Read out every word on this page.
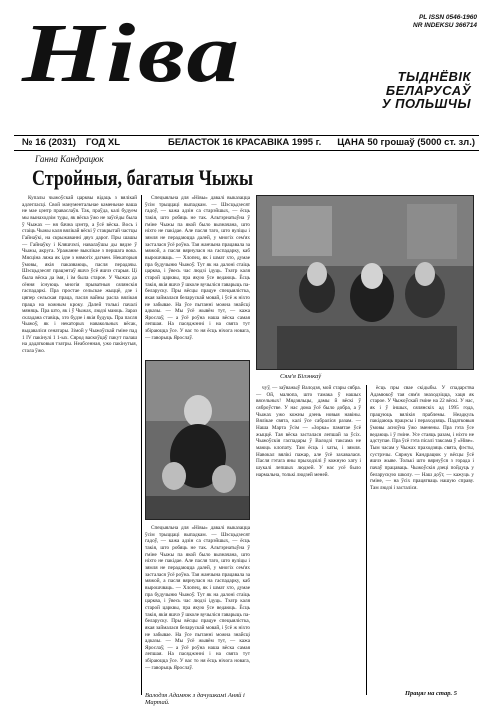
Ніва	PL ISSN 0546-1960
NR INDEKSU 366714
ТЫДНЁВІК
БЕЛАРУСАЎ
У ПОЛЬШЧЫ
№ 16 (2031) ГОД XL	БЕЛАСТОК 16 КРАСАВІКА 1995 г. ЦАНА 50 грошаў (5000 ст. зл.)
Ганна Кандрацюк
Стройныя, багатыя Чыжы

Купалы чыжоўскай царквы відаць з вялікай адлегласці. Свой манументальнае каменьнае ваша не мае цэнтр праваслаўя. Так, праўда, калі будуем мы вынаходзім туды, як вёска ўжо не заўсёды была ў Чыжах — ня бачна цэнтр, а ўсё вёска. Вось і стаіць Чыжы каля вялікай вёскі ў стакрытай частцы Гайнаўкі, на скрыжаванні двух дарог. Пры шашы — Гайнаўку і Кляшчэлі, навалаўшы ды вядзе ў Чыжы, акруга. Уражанне выклікае з першага вока. Мясціна ляжа як ідзе з нямогіх дагмен. Некаторыя ўмовы, якія паказваюць, пасля перадачы. Шэсцьдзесят працэнтаў яшчэ ўсё яшчэ старыя. Ці была вёска да імя, і ім была старое. У Чыжах да сёння існуюць многія прыватныя сялянскія гаспадаркі. Пра простае сельскае жыццё, дзе і цяпер сельская праца, пасля вайны расла вялікая праца на кожным кроку. Далей толькі пачалі мяняць. Пра што, як і ў Чыжах, людзі маюць. Зараз складана ставіць, хто будзе і якія будуць. Пра пасля Чыжоў, як і некаторых навакольных вёсак, выдаваліся сенатары. Зімой у Чыжоўскай гміне пад 1 IV пакінулі 1 1-ых. Сярод васкоўцаў пакут палаш на дадатковыя тэатры. Неабсенная, ужо пакінутыя, стала ўжо.

Спецыяльна для «Нівы» давалі выказацца ўсім трыццаці выпадкам. — Шэсцьдзесят гадоў, — кажа адзін са старэйшых, — ёсць такія, што робяць не так. Альтэрнатыўна ў гміне Чыжы па якой было вызначана, што ніхто не пакідае. Але пасля таго, што вуліцы і зямля не перадаюцца далей, у многіх сем'ях засталася ўсё роўна. Тая жанчына працавала за мяжой, а пасля вярнулася на гаспадарку, каб вырошчваць. — Хлопец, як і шмат хто, думае пра будучыню Чыжоў. Тут як на далоні стаіць царква, і ўвесь час людзі ідуць. Тэатр каля старой царквы, пра якую ўсе ведаюць. Ёсць такія, якія яшчэ ў школе вучыліся гаварыць па-беларуску. Пры вёсцы працуе спецыялістка, якая займалася беларускай мовай, і ўсё ж ніхто не забывае. На ўсе пытанні можна знайсці адказы. — Мы ўсё жывём тут, — кажа Ярослаў, — а ўсё роўна наша вёска самая лепшая. На пасяджэнні і на свята тут збіраюцца ўсе. У вас то ня ёсць нічога новага, — гаворыць Ярослаў.

Сям'я Білэнкаў

Спецыяльна для «Нівы» давалі выказацца ўсім трыццаці выпадкам. — Шэсцьдзесят гадоў, — кажа адзін са старэйшых, — ёсць такія, што робяць не так. Альтэрнатыўна ў гміне Чыжы па якой было вызначана, што ніхто не пакідае. Але пасля таго, што вуліцы і зямля не перадаюцца далей, у многіх сем'ях засталася ўсё роўна. Тая жанчына працавала за мяжой, а пасля вярнулася на гаспадарку, каб вырошчваць. — Хлопец, як і шмат хто, думае пра будучыню Чыжоў. Тут як на далоні стаіць царква, і ўвесь час людзі ідуць. Тэатр каля старой царквы, пра якую ўсе ведаюць. Ёсць такія, якія яшчэ ў школе вучыліся гаварыць па-беларуску. Пры вёсцы працуе спецыялістка, якая займалася беларускай мовай, і ўсё ж ніхто не забывае. На ўсе пытанні можна знайсці адказы. — Мы ўсё жывём тут, — кажа Ярослаў, — а ўсё роўна наша вёска самая лепшая. На пасяджэнні і на свята тут збіраюцца ўсе. У вас то ня ёсць нічога новага, — гаворыць Ярослаў.

Валодзя Адамюк з дачушкамі Аняй і Мартай.

чуў, — заўважыў Валодзя, мой стары сябра. — Ой, малюпа, што тамака ў нашых вясельных! Мядзяльцы, дамы й вёскі ў сяброўстве. У нас дома ўсё было добра, а ў Чыжах ужо кожны дзень новыя навіны. Вялікае свята, калі ўсе сабраліся разам. — Наша Марта ўсім — «Зорка» памятае ўсё жыццё. Тая вёска засталася лепшай за ўсіх. Чыжоўскія гаспадары ў Валодзі таксама не маюць клопату. Там ёсць і хаты, і зямля. Навокал вялікі пажар, але ўсё захавалася. Пасля гэтага яны прыходзілі ў кожную хату і шукалі лепшых людзей. У нас усё было нармальна, толькі людзей меней.

ёсць пры свае скідыбы. У спадарства Адамюкоў тая сям'я знаходзіцца, хаця як старое. У Чыжоўскай гміне на 22 вёскі. У нас, як і ў іншых, сялянскіх ад 1995 года, працуюць вялікія праблемы. Неадкуль пакідаюць працэсы і пераходзяць. Падатковыя ўмовы асноўна ўжо зменены. Пра гэта ўсе ведаюць і ў гміне. Усе стаяць разам, і ніхто не адступае. Пра ўсё гэта пісалі таксама ў «Ніве». Тым часам у Чыжах праходзяць свята, фэсты, сустрэчы. Сяржук Кандрацюк у вёсцы ўсё яшчэ жыве. Толькі што вярнуўся з горада і пачаў працаваць. Чыжоўскія дзеці пойдуць у беларускую школу. — Наш доўг, — кажуць у гміне, — на ўсіх працягваць нашую справу. Там людзі і засталіся.

Працяг на стар. 5
